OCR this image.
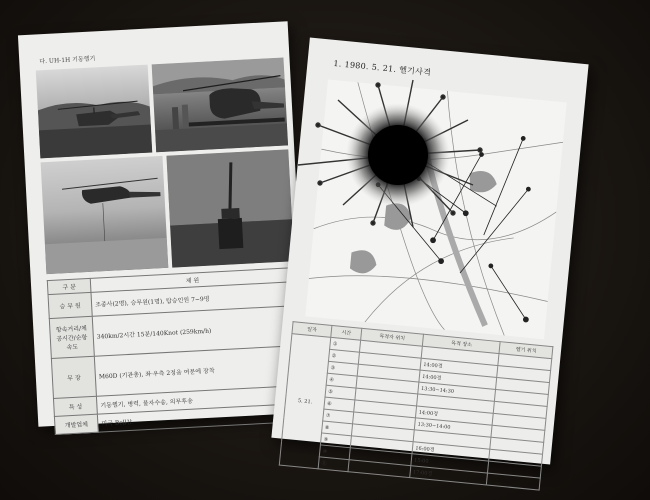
다. UH-1H 기동헬기
구 분	제 원
승 무 원	조종사(2명), 승무원(1명), 탑승인원 7~9명
항속거리/체공시간/순항속도	340km/2시간 15분/140Knot (259km/h)
무 장	M60D (기관총), 좌·우측 2정을 여문에 장착
특 성	기동헬기, 병력, 물자수송, 의무후송
개발업체	미국 Bell社
1. 1980. 5. 21. 헬기사격
일자	시간	목격자 위치	목격 장소	헬기 위치
5. 21.	①			
	②		14:00경	
	③		14:00경	
	④		13:30~14:30	
	⑤			
	⑥		14:00경	
	⑦		13:30~14:00	
	⑧			
	⑨		16:00경	
	⑩		15:00	
	⑪		17:00경	
